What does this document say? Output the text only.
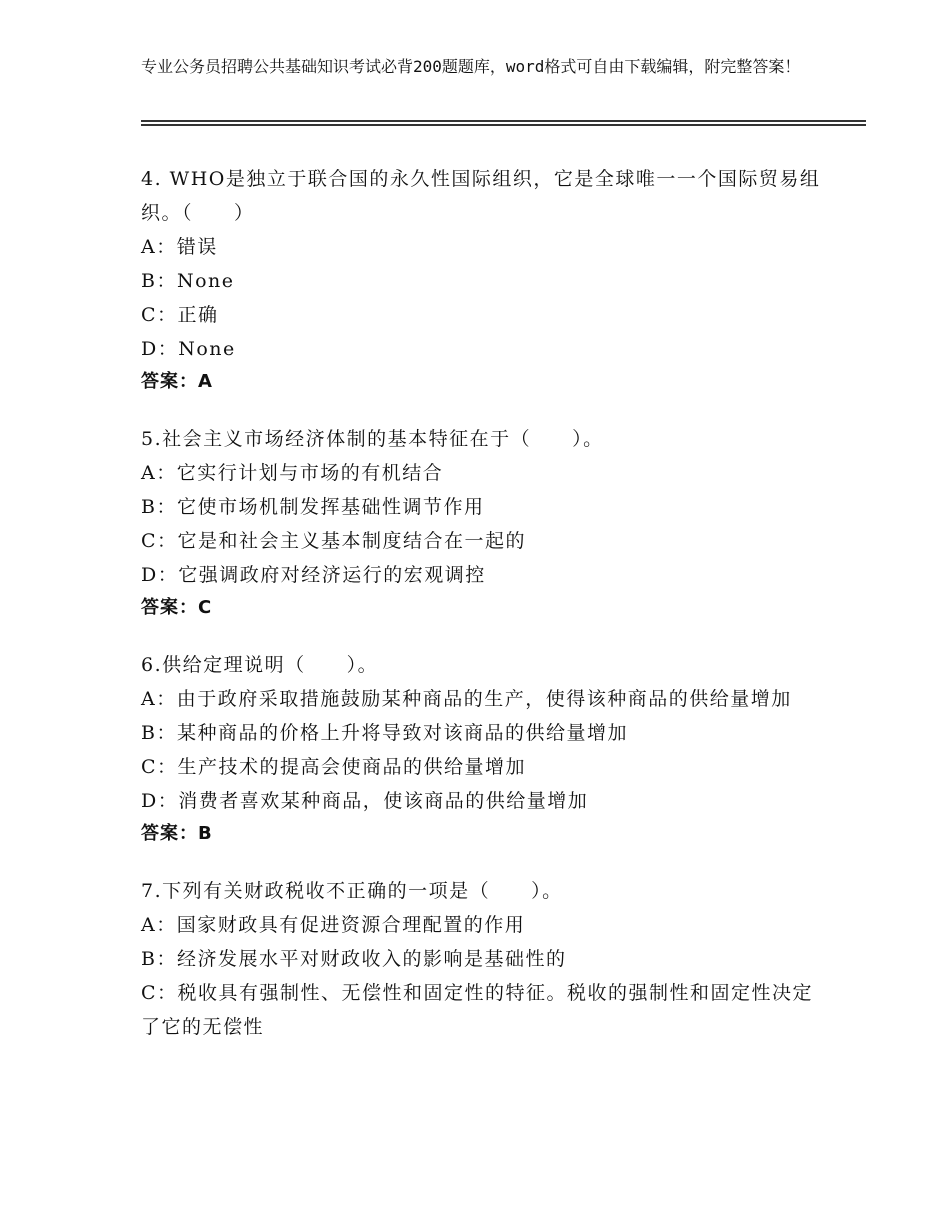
专业公务员招聘公共基础知识考试必背200题题库，word格式可自由下载编辑，附完整答案！
4. WHO是独立于联合国的永久性国际组织，它是全球唯一一个国际贸易组织。（　　）
A：错误
B：None
C：正确
D：None
答案：A
5.社会主义市场经济体制的基本特征在于（　　）。
A：它实行计划与市场的有机结合
B：它使市场机制发挥基础性调节作用
C：它是和社会主义基本制度结合在一起的
D：它强调政府对经济运行的宏观调控
答案：C
6.供给定理说明（　　）。
A：由于政府采取措施鼓励某种商品的生产，使得该种商品的供给量增加
B：某种商品的价格上升将导致对该商品的供给量增加
C：生产技术的提高会使商品的供给量增加
D：消费者喜欢某种商品，使该商品的供给量增加
答案：B
7.下列有关财政税收不正确的一项是（　　）。
A：国家财政具有促进资源合理配置的作用
B：经济发展水平对财政收入的影响是基础性的
C：税收具有强制性、无偿性和固定性的特征。税收的强制性和固定性决定了它的无偿性
